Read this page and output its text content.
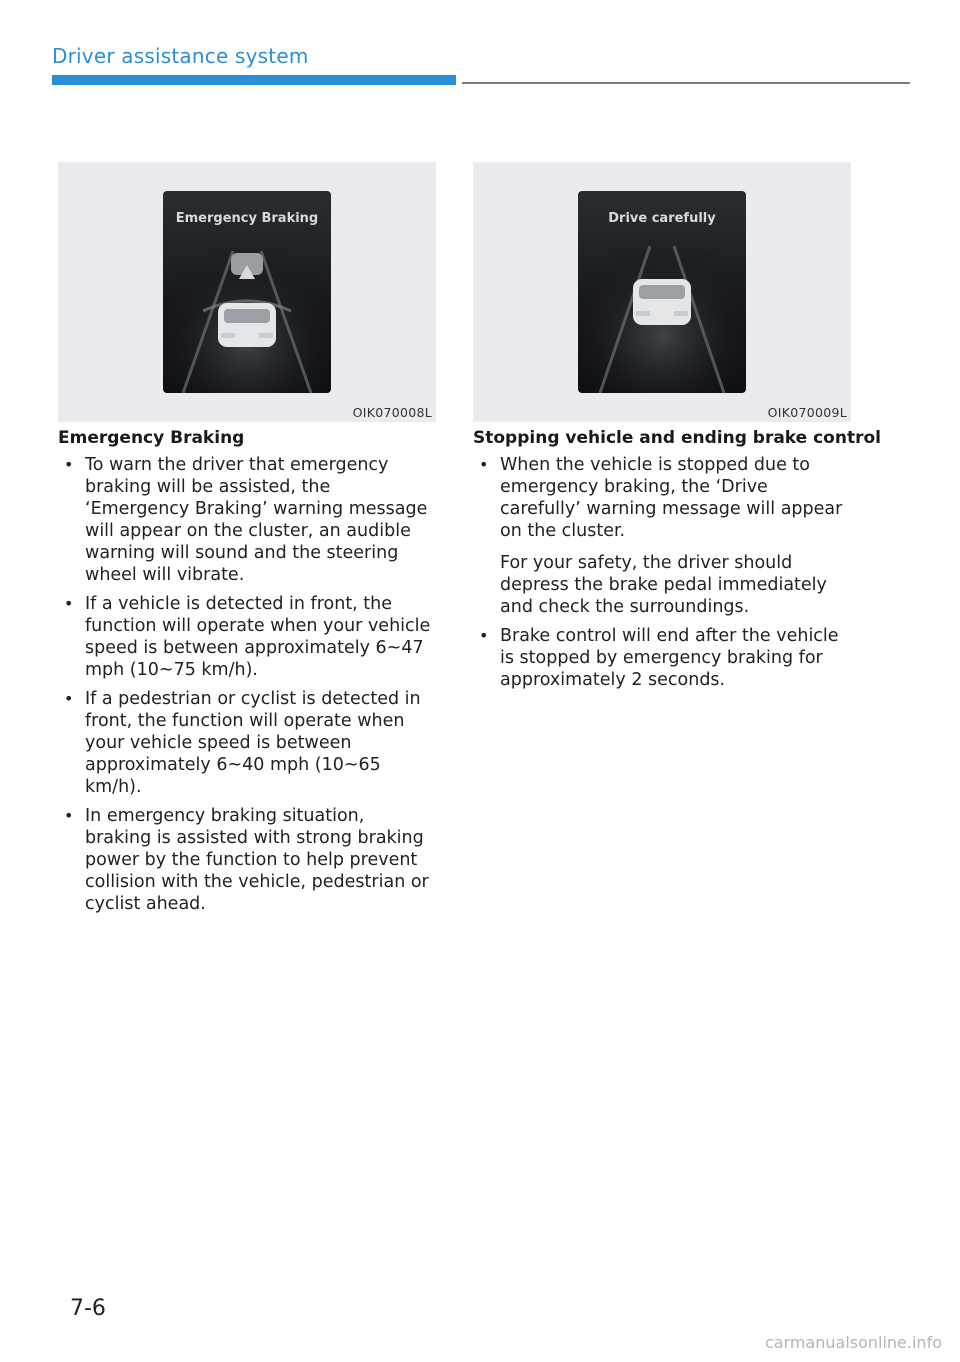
Driver assistance system
Emergency Braking
OIK070008L
Emergency Braking
• To warn the driver that emergency braking will be assisted, the ‘Emergency Braking’ warning message will appear on the cluster, an audible warning will sound and the steering wheel will vibrate.
• If a vehicle is detected in front, the function will operate when your vehicle speed is between approximately 6~47 mph (10~75 km/h).
• If a pedestrian or cyclist is detected in front, the function will operate when your vehicle speed is between approximately 6~40 mph (10~65 km/h).
• In emergency braking situation, braking is assisted with strong braking power by the function to help prevent collision with the vehicle, pedestrian or cyclist ahead.
Drive carefully
OIK070009L
Stopping vehicle and ending brake control
• When the vehicle is stopped due to emergency braking, the ‘Drive carefully’ warning message will appear on the cluster.
For your safety, the driver should depress the brake pedal immediately and check the surroundings.
• Brake control will end after the vehicle is stopped by emergency braking for approximately 2 seconds.
7-6
carmanualsonline.info
